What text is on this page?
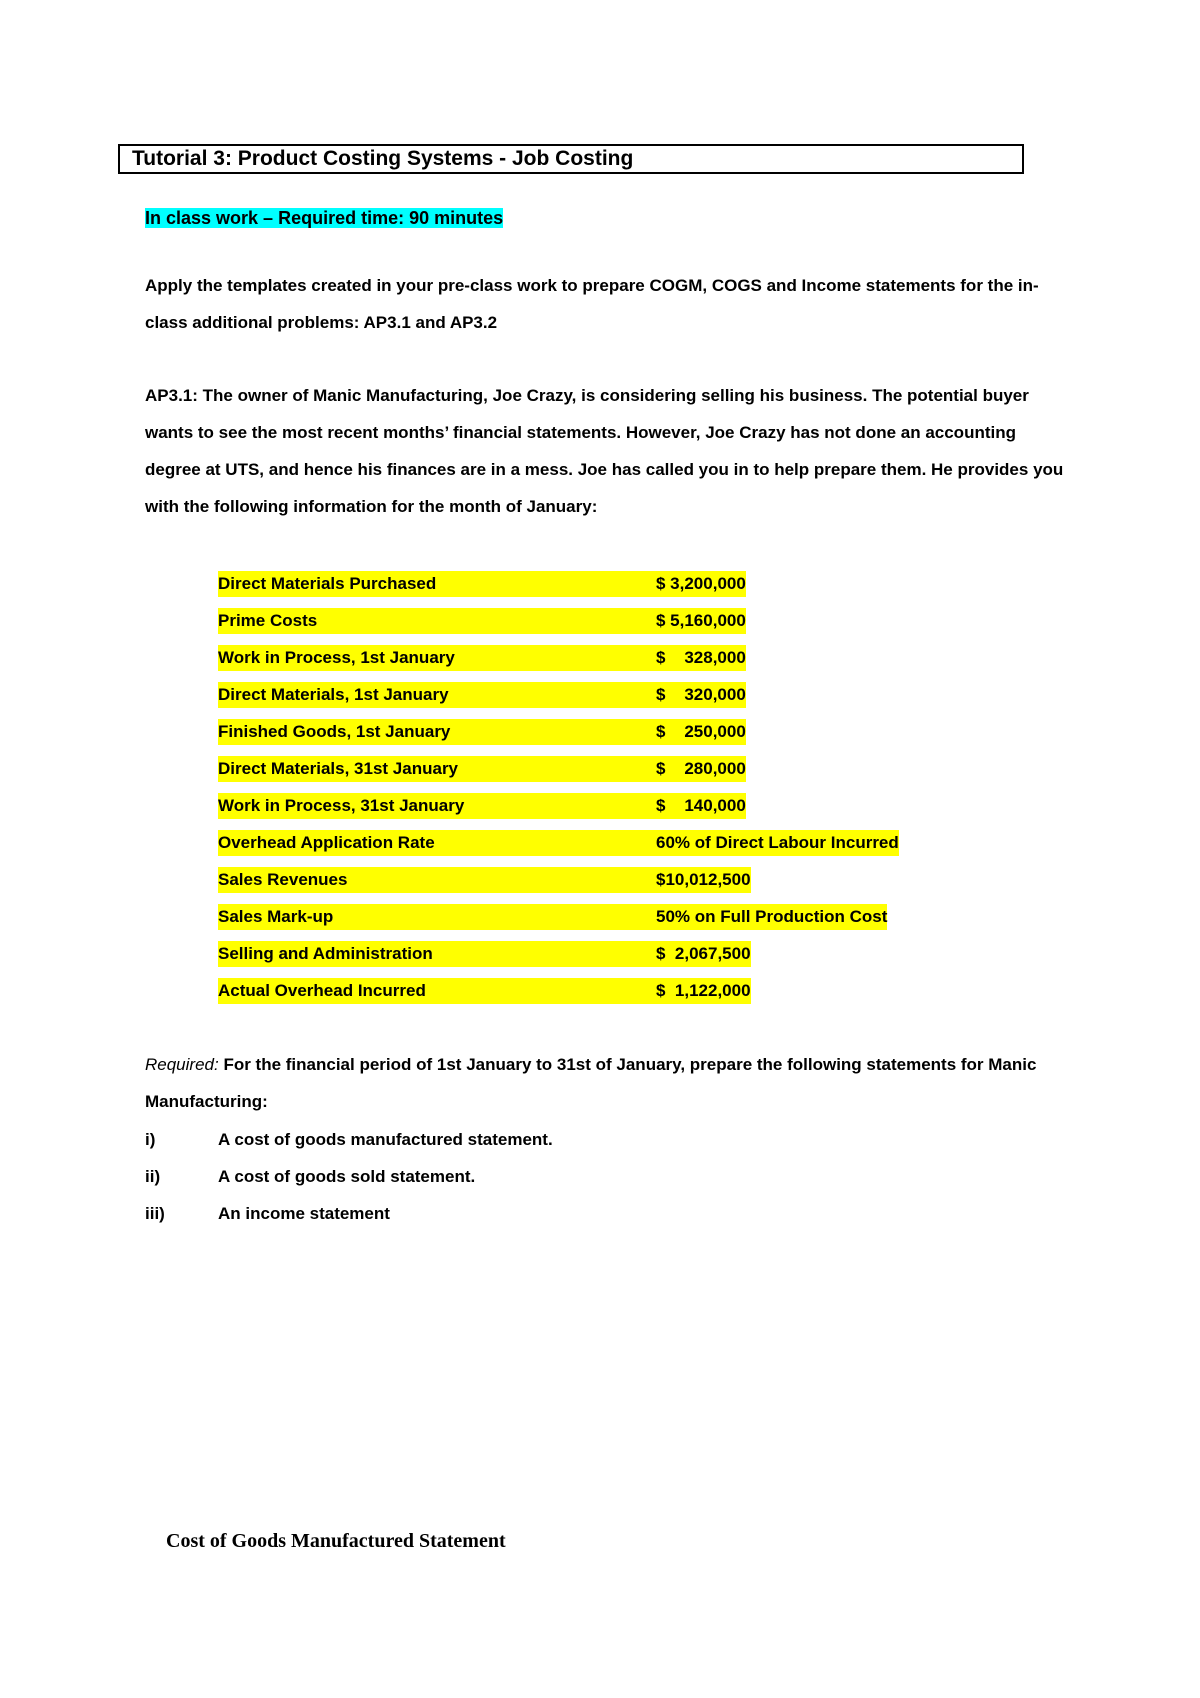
Tutorial 3: Product Costing Systems - Job Costing
In class work – Required time: 90 minutes

Apply the templates created in your pre-class work to prepare COGM, COGS and Income statements for the in-class additional problems: AP3.1 and AP3.2

AP3.1: The owner of Manic Manufacturing, Joe Crazy, is considering selling his business. The potential buyer wants to see the most recent months’ financial statements. However, Joe Crazy has not done an accounting degree at UTS, and hence his finances are in a mess. Joe has called you in to help prepare them. He provides you with the following information for the month of January:

Direct Materials Purchased	$ 3,200,000
Prime Costs	$ 5,160,000
Work in Process, 1st January	$    328,000
Direct Materials, 1st January	$    320,000
Finished Goods, 1st January	$    250,000
Direct Materials, 31st January	$    280,000
Work in Process, 31st January	$    140,000
Overhead Application Rate	60% of Direct Labour Incurred
Sales Revenues	$10,012,500
Sales Mark-up	50% on Full Production Cost
Selling and Administration	$  2,067,500
Actual Overhead Incurred	$  1,122,000

Required: For the financial period of 1st January to 31st of January, prepare the following statements for Manic Manufacturing:

i)	A cost of goods manufactured statement.
ii)	A cost of goods sold statement.
iii)	An income statement
Cost of Goods Manufactured Statement
